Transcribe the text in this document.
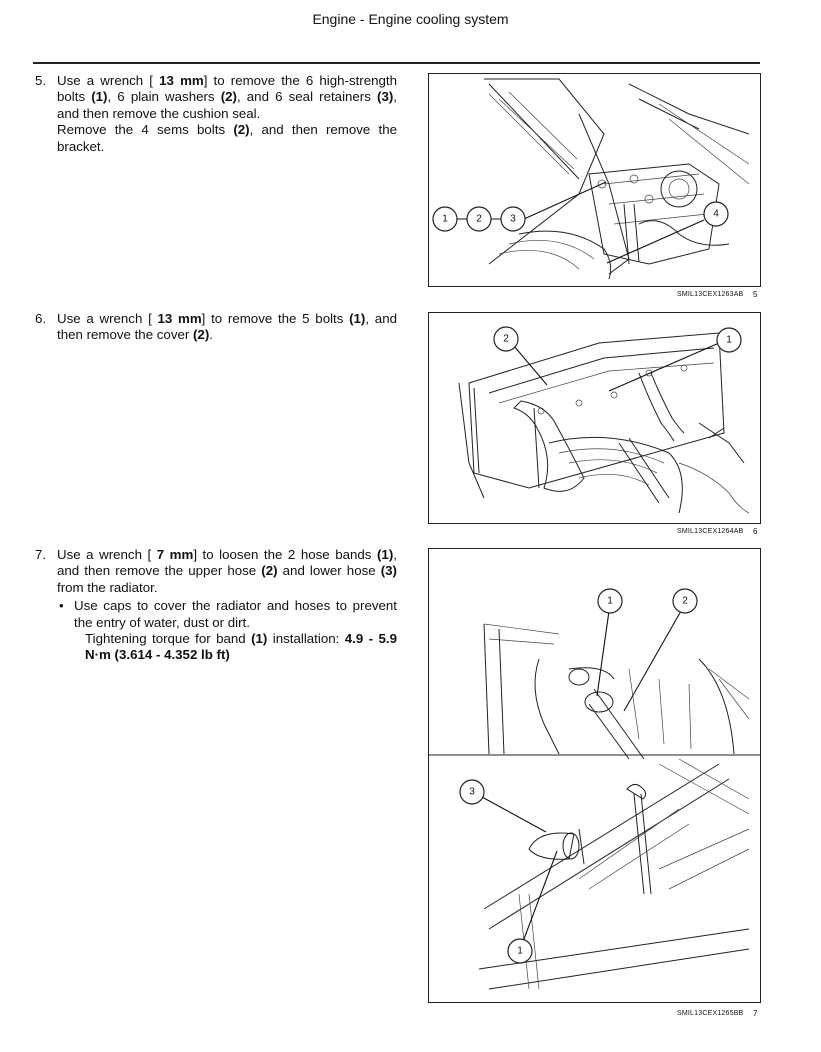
Engine - Engine cooling system
5. Use a wrench [ 13 mm] to remove the 6 high-strength bolts (1), 6 plain washers (2), and 6 seal retainers (3), and then remove the cushion seal.

Remove the 4 sems bolts (2), and then remove the bracket.

6. Use a wrench [ 13 mm] to remove the 5 bolts (1), and then remove the cover (2).

7. Use a wrench [ 7 mm] to loosen the 2 hose bands (1), and then remove the upper hose (2) and lower hose (3) from the radiator.

• Use caps to cover the radiator and hoses to prevent the entry of water, dust or dirt.

Tightening torque for band (1) installation: 4.9 - 5.9 N·m (3.614 - 4.352 lb ft)

1	2	3	4
SMIL13CEX1263AB 5
2	1
SMIL13CEX1264AB 6
1	2
3
1
SMIL13CEX1265BB 7
